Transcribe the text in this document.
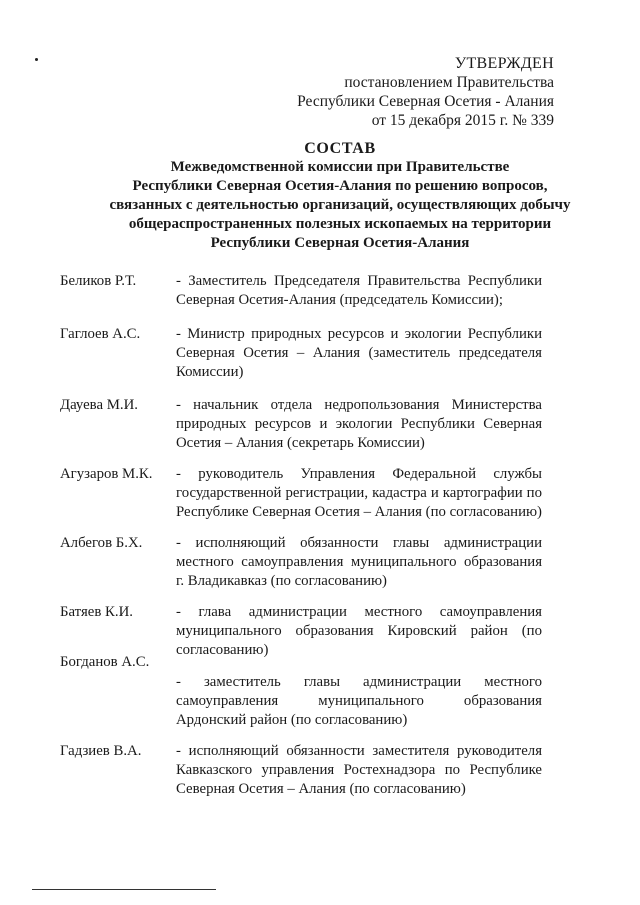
УТВЕРЖДЕН
постановлением Правительства
Республики Северная Осетия - Алания
от 15 декабря 2015 г. № 339
СОСТАВ
Межведомственной комиссии при Правительстве
Республики Северная Осетия-Алания по решению вопросов,
связанных с деятельностью организаций, осуществляющих добычу
общераспространенных полезных ископаемых на территории
Республики Северная Осетия-Алания
Беликов Р.Т.	- Заместитель Председателя Правительства Республики Северная Осетия-Алания (председатель Комиссии);
Гаглоев А.С. - Министр природных ресурсов и экологии Республики Северная Осетия – Алания (заместитель председателя Комиссии)
Дауева М.И.	- начальник отдела недропользования Министерства природных ресурсов и экологии Республики Северная Осетия – Алания (секретарь Комиссии)
Агузаров М.К. - руководитель Управления Федеральной службы государственной регистрации, кадастра и картографии по Республике Северная Осетия – Алания (по согласованию)
Албегов Б.Х. - исполняющий обязанности главы администрации местного самоуправления муниципального образования г. Владикавказ (по согласованию)
Батяев К.И.	- глава администрации местного самоуправления муниципального образования Кировский район (по согласованию)
Богданов А.С.
- заместитель главы администрации местного самоуправления муниципального образования Ардонский район (по согласованию)
Гадзиев В.А. - исполняющий обязанности заместителя руководителя Кавказского управления Ростехнадзора по Республике Северная Осетия – Алания (по согласованию)
